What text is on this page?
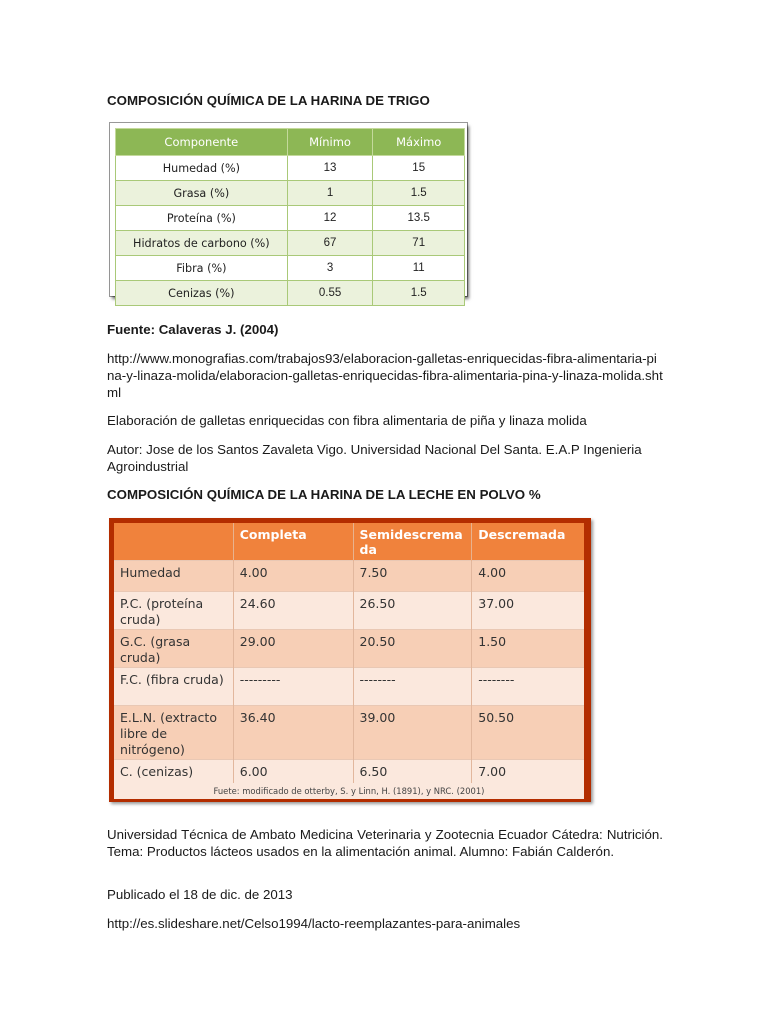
COMPOSICIÓN QUÍMICA DE LA HARINA DE TRIGO
Componente	Mínimo	Máximo
Humedad (%)	13	15
Grasa (%)	1	1.5
Proteína (%)	12	13.5
Hidratos de carbono (%)	67	71
Fibra (%)	3	11
Cenizas (%)	0.55	1.5
Fuente: Calaveras J. (2004)
http://www.monografias.com/trabajos93/elaboracion-galletas-enriquecidas-fibra-alimentaria-pina-y-linaza-molida/elaboracion-galletas-enriquecidas-fibra-alimentaria-pina-y-linaza-molida.shtml
Elaboración de galletas enriquecidas con fibra alimentaria de piña y linaza molida
Autor: Jose de los Santos Zavaleta Vigo. Universidad Nacional Del Santa. E.A.P Ingenieria Agroindustrial
COMPOSICIÓN QUÍMICA DE LA HARINA DE LA LECHE EN POLVO %
	Completa	Semidescremada	Descremada
Humedad	4.00	7.50	4.00
P.C. (proteína cruda)	24.60	26.50	37.00
G.C. (grasa cruda)	29.00	20.50	1.50
F.C. (fibra cruda)	---------	--------	--------
E.L.N. (extracto libre de nitrógeno)	36.40	39.00	50.50
C. (cenizas)	6.00	6.50	7.00
Fuete: modificado de otterby, S. y Linn, H. (1891), y NRC. (2001)
Universidad Técnica de Ambato Medicina Veterinaria y Zootecnia Ecuador Cátedra: Nutrición. Tema: Productos lácteos usados en la alimentación animal. Alumno: Fabián Calderón.
Publicado el 18 de dic. de 2013
http://es.slideshare.net/Celso1994/lacto-reemplazantes-para-animales
